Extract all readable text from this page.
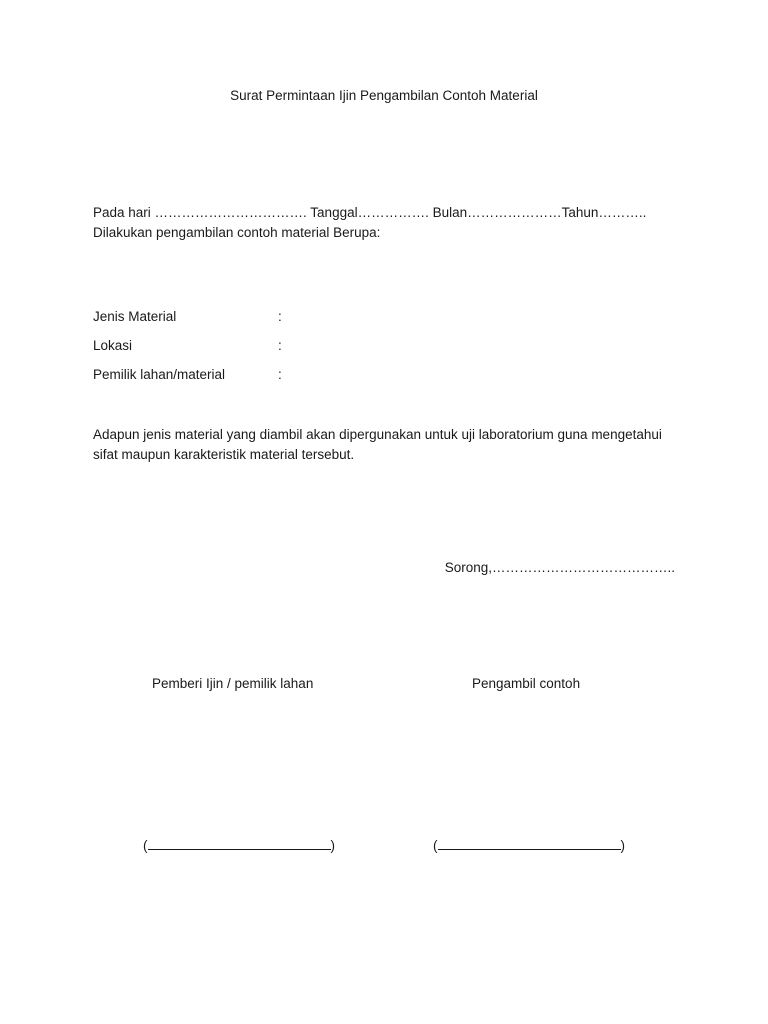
Surat Permintaan Ijin Pengambilan Contoh Material
Pada hari ……………………………. Tanggal……………. Bulan…………………Tahun……….. Dilakukan pengambilan contoh material Berupa:
Jenis Material	:
Lokasi	:
Pemilik lahan/material	:
Adapun jenis material yang diambil akan dipergunakan untuk uji laboratorium guna mengetahui sifat maupun karakteristik material tersebut.
Sorong,…………………………………..
Pemberi Ijin / pemilik lahan	Pengambil contoh
(	)	(	)
